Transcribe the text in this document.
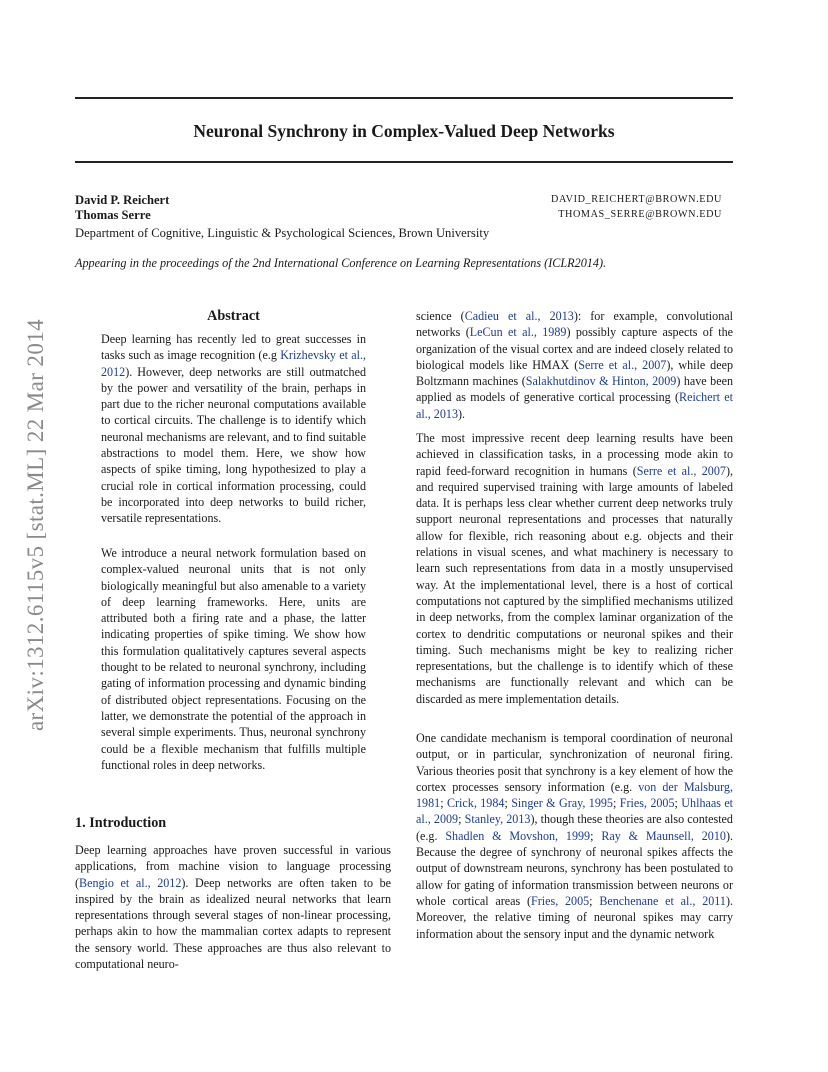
Neuronal Synchrony in Complex-Valued Deep Networks
David P. Reichert	DAVID_REICHERT@BROWN.EDU
Thomas Serre	THOMAS_SERRE@BROWN.EDU
Department of Cognitive, Linguistic & Psychological Sciences, Brown University
Appearing in the proceedings of the 2nd International Conference on Learning Representations (ICLR2014).
arXiv:1312.6115v5 [stat.ML] 22 Mar 2014
Abstract

Deep learning has recently led to great successes in tasks such as image recognition (e.g Krizhevsky et al., 2012). However, deep networks are still outmatched by the power and versatility of the brain, perhaps in part due to the richer neuronal computations available to cortical circuits. The challenge is to identify which neuronal mechanisms are relevant, and to find suitable abstractions to model them. Here, we show how aspects of spike timing, long hypothesized to play a crucial role in cortical information processing, could be incorporated into deep networks to build richer, versatile representations.

We introduce a neural network formulation based on complex-valued neuronal units that is not only biologically meaningful but also amenable to a variety of deep learning frameworks. Here, units are attributed both a firing rate and a phase, the latter indicating properties of spike timing. We show how this formulation qualitatively captures several aspects thought to be related to neuronal synchrony, including gating of information processing and dynamic binding of distributed object representations. Focusing on the latter, we demonstrate the potential of the approach in several simple experiments. Thus, neuronal synchrony could be a flexible mechanism that fulfills multiple functional roles in deep networks.

1. Introduction

Deep learning approaches have proven successful in various applications, from machine vision to language processing (Bengio et al., 2012). Deep networks are often taken to be inspired by the brain as idealized neural networks that learn representations through several stages of non-linear processing, perhaps akin to how the mammalian cortex adapts to represent the sensory world. These approaches are thus also relevant to computational neuro-

science (Cadieu et al., 2013): for example, convolutional networks (LeCun et al., 1989) possibly capture aspects of the organization of the visual cortex and are indeed closely related to biological models like HMAX (Serre et al., 2007), while deep Boltzmann machines (Salakhutdinov & Hinton, 2009) have been applied as models of generative cortical processing (Reichert et al., 2013).

The most impressive recent deep learning results have been achieved in classification tasks, in a processing mode akin to rapid feed-forward recognition in humans (Serre et al., 2007), and required supervised training with large amounts of labeled data. It is perhaps less clear whether current deep networks truly support neuronal representations and processes that naturally allow for flexible, rich reasoning about e.g. objects and their relations in visual scenes, and what machinery is necessary to learn such representations from data in a mostly unsupervised way. At the implementational level, there is a host of cortical computations not captured by the simplified mechanisms utilized in deep networks, from the complex laminar organization of the cortex to dendritic computations or neuronal spikes and their timing. Such mechanisms might be key to realizing richer representations, but the challenge is to identify which of these mechanisms are functionally relevant and which can be discarded as mere implementation details.

One candidate mechanism is temporal coordination of neuronal output, or in particular, synchronization of neuronal firing. Various theories posit that synchrony is a key element of how the cortex processes sensory information (e.g. von der Malsburg, 1981; Crick, 1984; Singer & Gray, 1995; Fries, 2005; Uhlhaas et al., 2009; Stanley, 2013), though these theories are also contested (e.g. Shadlen & Movshon, 1999; Ray & Maunsell, 2010). Because the degree of synchrony of neuronal spikes affects the output of downstream neurons, synchrony has been postulated to allow for gating of information transmission between neurons or whole cortical areas (Fries, 2005; Benchenane et al., 2011). Moreover, the relative timing of neuronal spikes may carry information about the sensory input and the dynamic network
